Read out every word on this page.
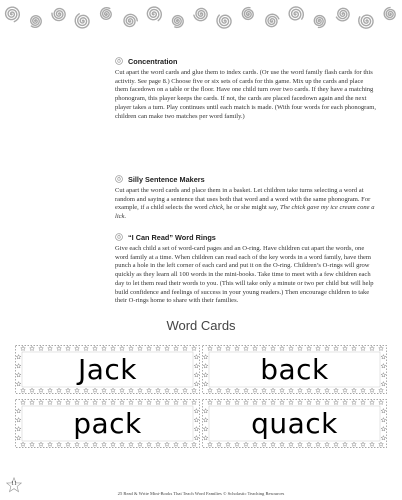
Concentration

Cut apart the word cards and glue them to index cards. (Or use the word family flash cards for this activity. See page 8.) Choose five or six sets of cards for this game. Mix up the cards and place them facedown on a table or the floor. Have one child turn over two cards. If they have a matching phonogram, this player keeps the cards. If not, the cards are placed facedown again and the next player takes a turn. Play continues until each match is made. (With four words for each phonogram, children can make two matches per word family.)

Silly Sentence Makers

Cut apart the word cards and place them in a basket. Let children take turns selecting a word at random and saying a sentence that uses both that word and a word with the same phonogram. For example, if a child selects the word chick, he or she might say, The chick gave my ice cream cone a lick.

“I Can Read” Word Rings

Give each child a set of word-card pages and an O-ring. Have children cut apart the words, one word family at a time. When children can read each of the key words in a word family, have them punch a hole in the left corner of each card and put it on the O-ring. Children’s O-rings will grow quickly as they learn all 100 words in the mini-books. Take time to meet with a few children each day to let them read their words to you. (This will take only a minute or two per child but will help build confidence and feelings of success in your young readers.) Then encourage children to take their O-rings home to share with their families.

Word Cards
Jack	back
pack	quack
11
25 Read & Write Mini-Books That Teach Word Families © Scholastic Teaching Resources
